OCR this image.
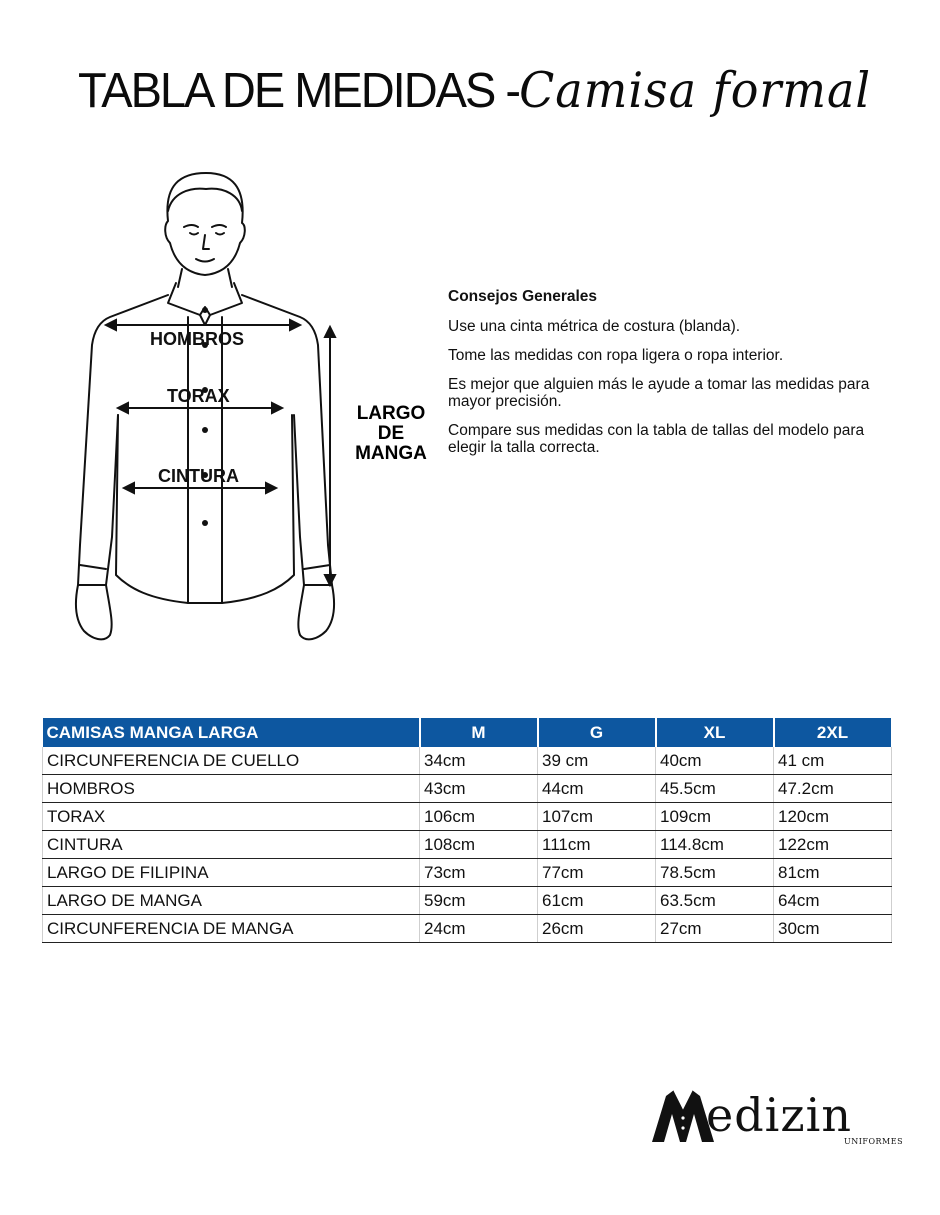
TABLA DE MEDIDAS -Camisa formal
HOMBROS
TORAX
CINTURA
LARGO
DE
MANGA
Consejos Generales
Use una cinta métrica de costura (blanda).
Tome las medidas con ropa ligera o ropa interior.
Es mejor que alguien más le ayude a tomar las medidas para mayor precisión.
Compare sus medidas con la tabla de tallas del modelo para elegir la talla correcta.
CAMISAS MANGA LARGA	M	G	XL	2XL
CIRCUNFERENCIA DE CUELLO	34cm	39 cm	40cm	41 cm
HOMBROS	43cm	44cm	45.5cm	47.2cm
TORAX	106cm	107cm	109cm	120cm
CINTURA	108cm	111cm	114.8cm	122cm
LARGO DE FILIPINA	73cm	77cm	78.5cm	81cm
LARGO DE MANGA	59cm	61cm	63.5cm	64cm
CIRCUNFERENCIA DE MANGA	24cm	26cm	27cm	30cm
edizin
UNIFORMES
